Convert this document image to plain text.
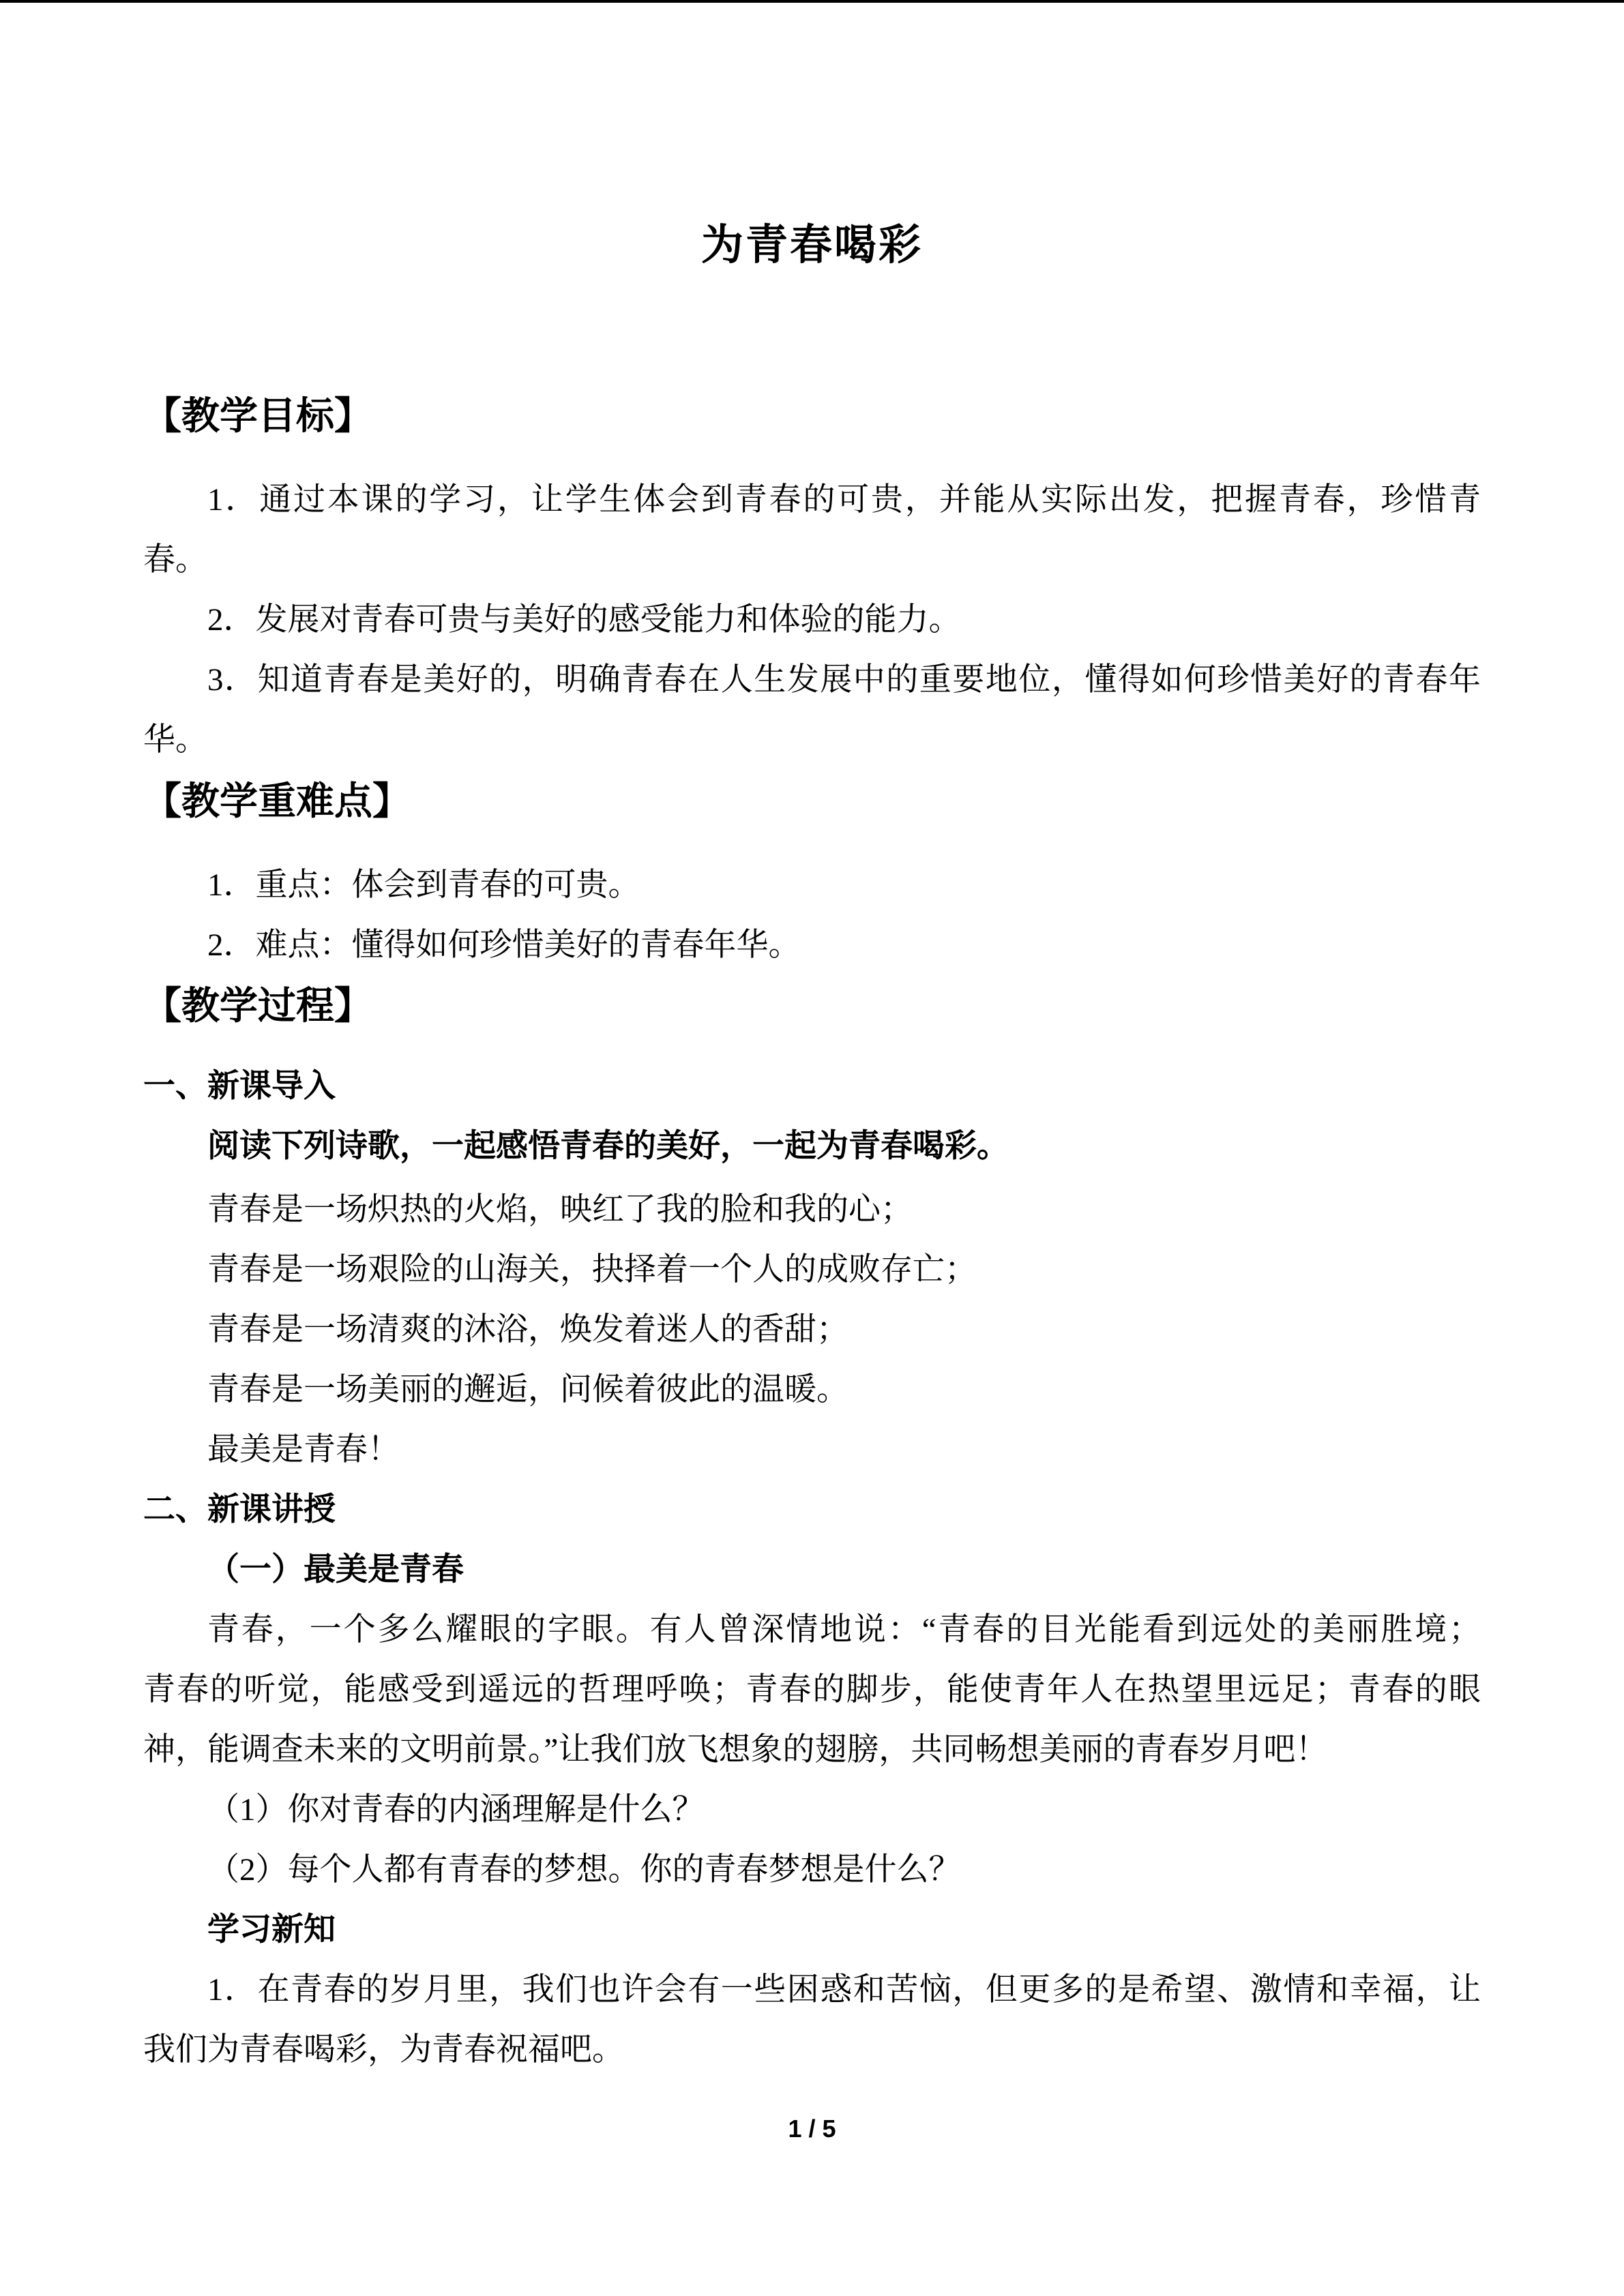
为青春喝彩
【教学目标】
1．通过本课的学习，让学生体会到青春的可贵，并能从实际出发，把握青春，珍惜青
春。
2．发展对青春可贵与美好的感受能力和体验的能力。
3．知道青春是美好的，明确青春在人生发展中的重要地位，懂得如何珍惜美好的青春年
华。
【教学重难点】
1．重点：体会到青春的可贵。
2．难点：懂得如何珍惜美好的青春年华。
【教学过程】
一、新课导入
阅读下列诗歌，一起感悟青春的美好，一起为青春喝彩。
青春是一场炽热的火焰，映红了我的脸和我的心；
青春是一场艰险的山海关，抉择着一个人的成败存亡；
青春是一场清爽的沐浴，焕发着迷人的香甜；
青春是一场美丽的邂逅，问候着彼此的温暖。
最美是青春！
二、新课讲授
（一）最美是青春
青春，一个多么耀眼的字眼。有人曾深情地说：“青春的目光能看到远处的美丽胜境；
青春的听觉，能感受到遥远的哲理呼唤；青春的脚步，能使青年人在热望里远足；青春的眼
神，能调查未来的文明前景。”让我们放飞想象的翅膀，共同畅想美丽的青春岁月吧！
（1）你对青春的内涵理解是什么？
（2）每个人都有青春的梦想。你的青春梦想是什么？
学习新知
1．在青春的岁月里，我们也许会有一些困惑和苦恼，但更多的是希望、激情和幸福，让
我们为青春喝彩，为青春祝福吧。
1 / 5
